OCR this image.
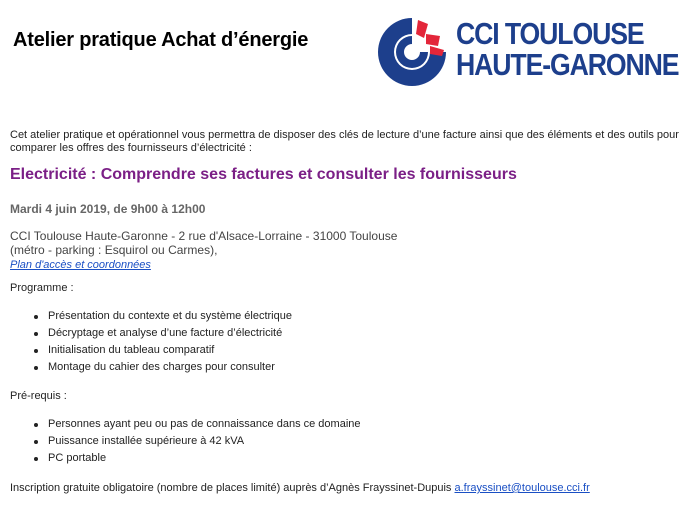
Atelier pratique Achat d’énergie	CCI TOULOUSE
HAUTE-GARONNE
Cet atelier pratique et opérationnel vous permettra de disposer des clés de lecture d’une facture ainsi que des éléments et des outils pour comparer les offres des fournisseurs d’électricité :
Electricité : Comprendre ses factures et consulter les fournisseurs
Mardi 4 juin 2019, de 9h00 à 12h00
CCI Toulouse Haute-Garonne - 2 rue d'Alsace-Lorraine - 31000 Toulouse
(métro - parking : Esquirol ou Carmes),
Plan d'accès et coordonnées
Programme :
Présentation du contexte et du système électrique
Décryptage et analyse d’une facture d’électricité
Initialisation du tableau comparatif
Montage du cahier des charges pour consulter
Pré-requis :
Personnes ayant peu ou pas de connaissance dans ce domaine
Puissance installée supérieure à 42 kVA
PC portable
Inscription gratuite obligatoire (nombre de places limité) auprès d’Agnès Frayssinet-Dupuis a.frayssinet@toulouse.cci.fr
